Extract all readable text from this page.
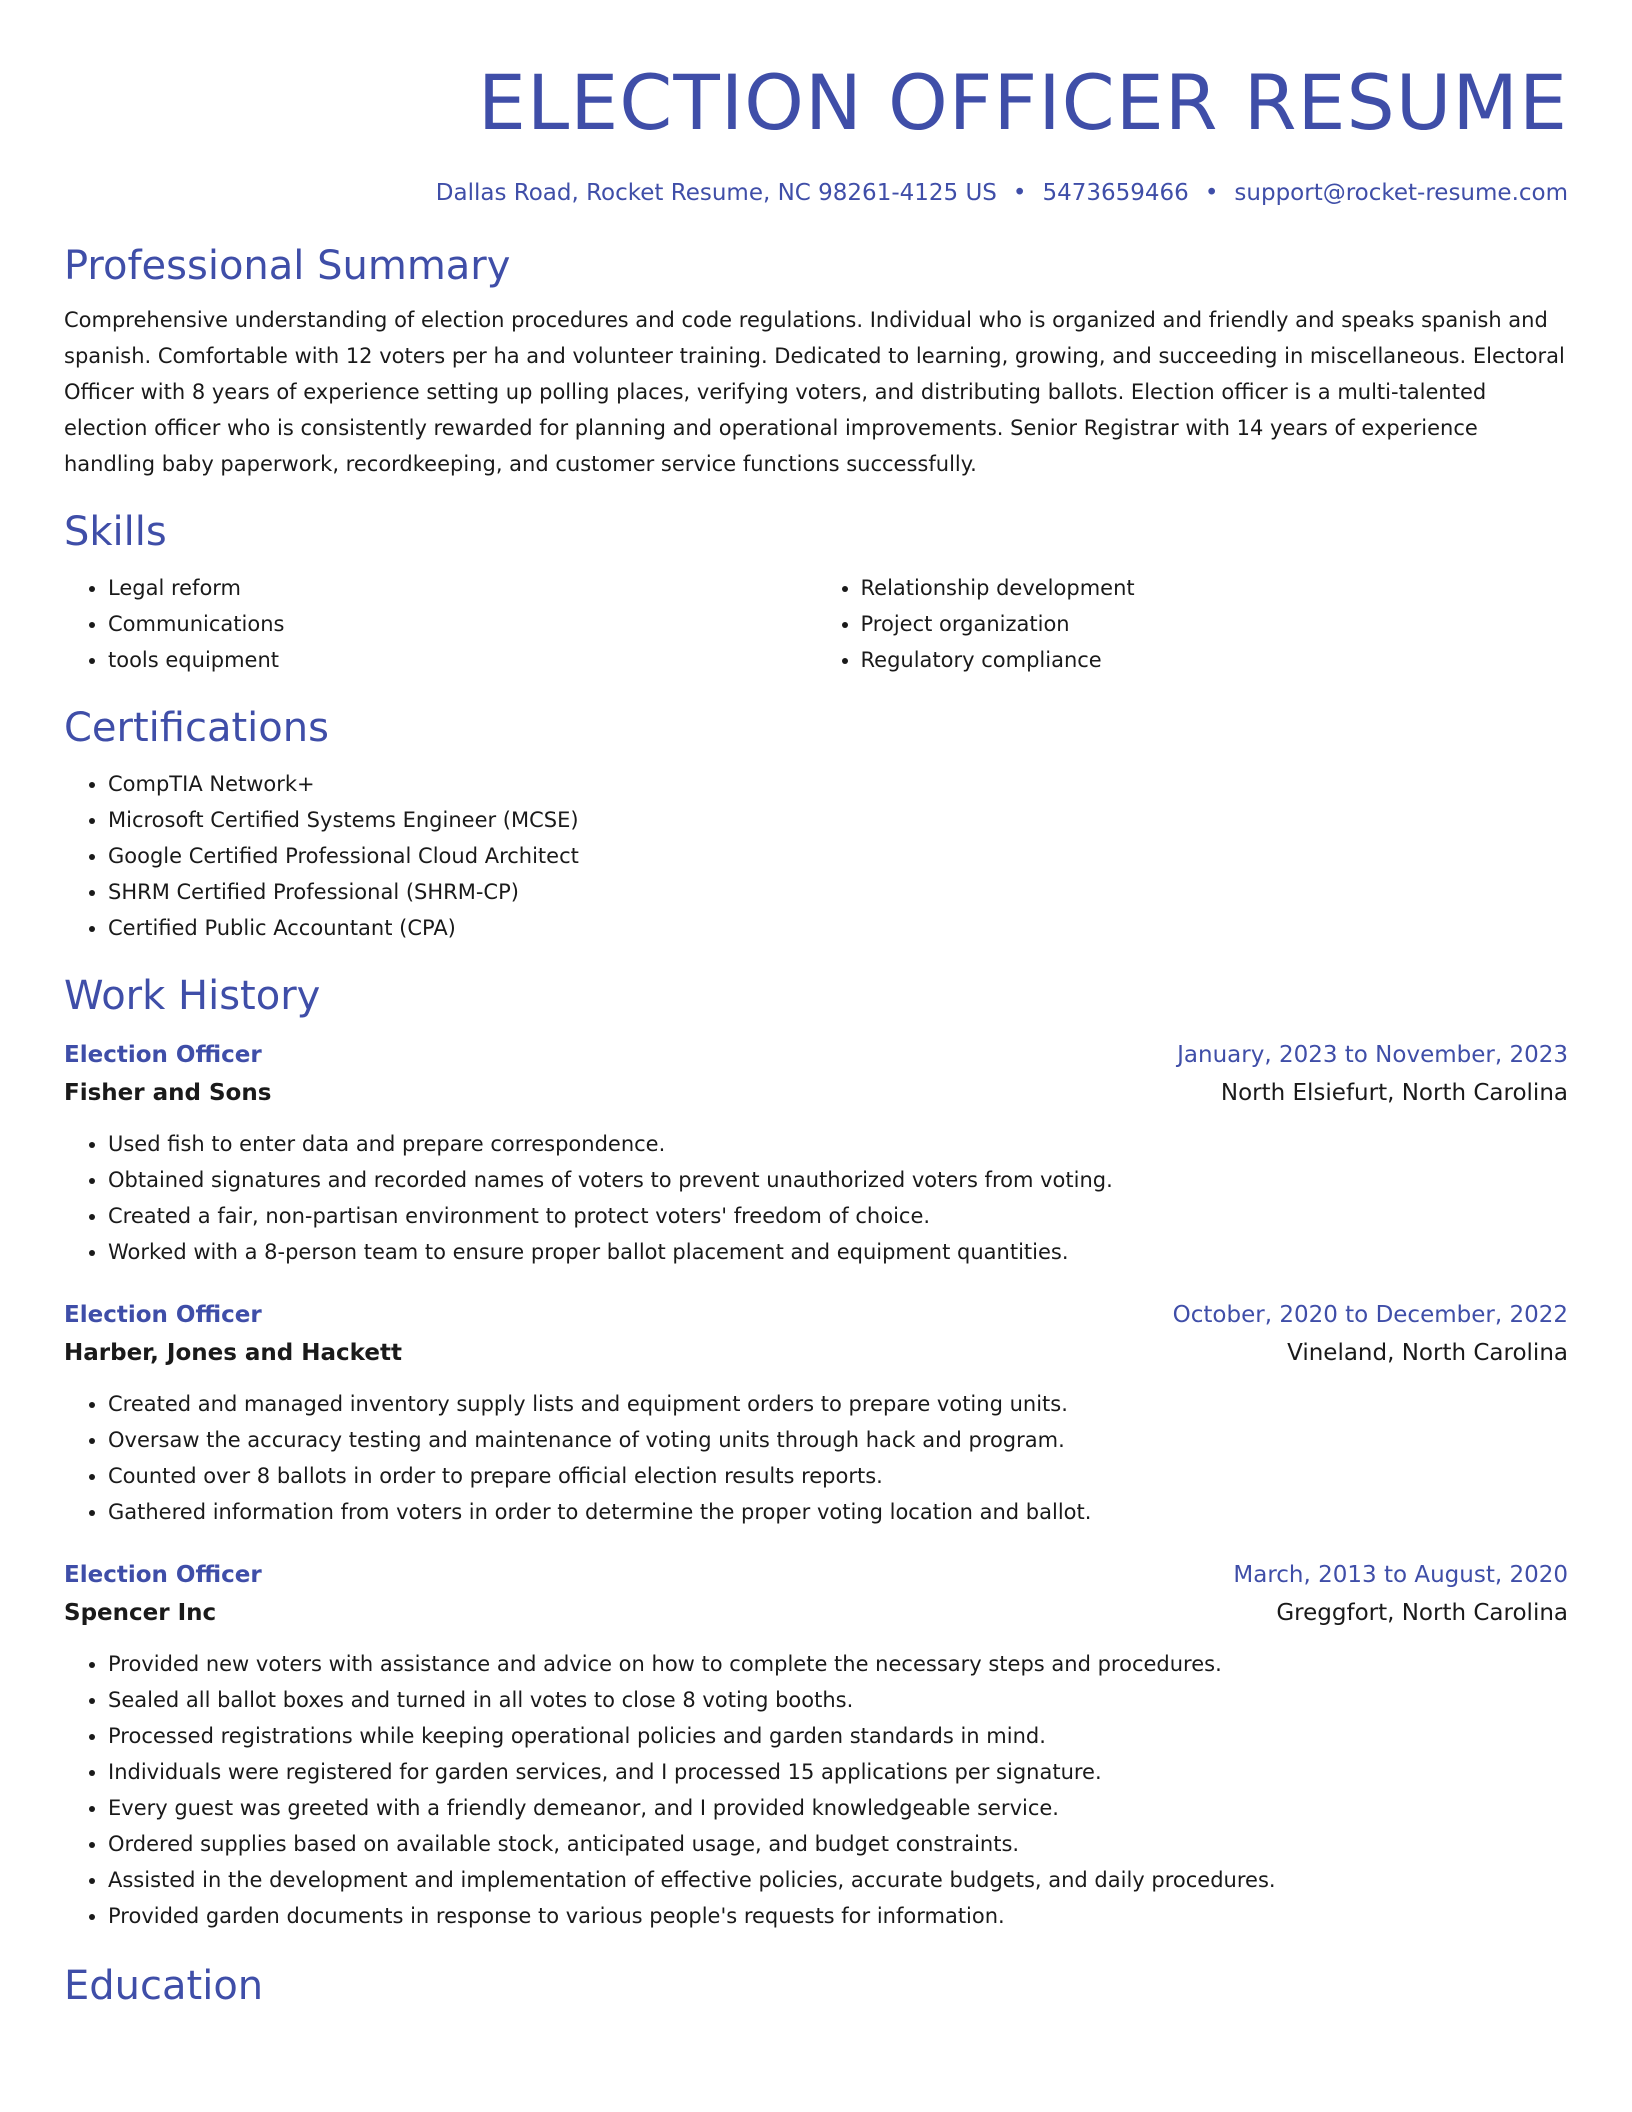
ELECTION OFFICER RESUME
Dallas Road, Rocket Resume, NC 98261-4125 US • 5473659466 • support@rocket-resume.com
Professional Summary

Comprehensive understanding of election procedures and code regulations. Individual who is organized and friendly and speaks spanish and spanish. Comfortable with 12 voters per ha and volunteer training. Dedicated to learning, growing, and succeeding in miscellaneous. Electoral Officer with 8 years of experience setting up polling places, verifying voters, and distributing ballots. Election officer is a multi-talented election officer who is consistently rewarded for planning and operational improvements. Senior Registrar with 14 years of experience handling baby paperwork, recordkeeping, and customer service functions successfully.

Skills
• Legal reform
• Communications
• tools equipment
• Relationship development
• Project organization
• Regulatory compliance
Certifications
• CompTIA Network+
• Microsoft Certified Systems Engineer (MCSE)
• Google Certified Professional Cloud Architect
• SHRM Certified Professional (SHRM-CP)
• Certified Public Accountant (CPA)
Work History
Election Officer	January, 2023 to November, 2023
Fisher and Sons	North Elsiefurt, North Carolina
• Used fish to enter data and prepare correspondence.
• Obtained signatures and recorded names of voters to prevent unauthorized voters from voting.
• Created a fair, non-partisan environment to protect voters' freedom of choice.
• Worked with a 8-person team to ensure proper ballot placement and equipment quantities.
Election Officer	October, 2020 to December, 2022
Harber, Jones and Hackett	Vineland, North Carolina
• Created and managed inventory supply lists and equipment orders to prepare voting units.
• Oversaw the accuracy testing and maintenance of voting units through hack and program.
• Counted over 8 ballots in order to prepare official election results reports.
• Gathered information from voters in order to determine the proper voting location and ballot.
Election Officer	March, 2013 to August, 2020
Spencer Inc	Greggfort, North Carolina
• Provided new voters with assistance and advice on how to complete the necessary steps and procedures.
• Sealed all ballot boxes and turned in all votes to close 8 voting booths.
• Processed registrations while keeping operational policies and garden standards in mind.
• Individuals were registered for garden services, and I processed 15 applications per signature.
• Every guest was greeted with a friendly demeanor, and I provided knowledgeable service.
• Ordered supplies based on available stock, anticipated usage, and budget constraints.
• Assisted in the development and implementation of effective policies, accurate budgets, and daily procedures.
• Provided garden documents in response to various people's requests for information.
Education
